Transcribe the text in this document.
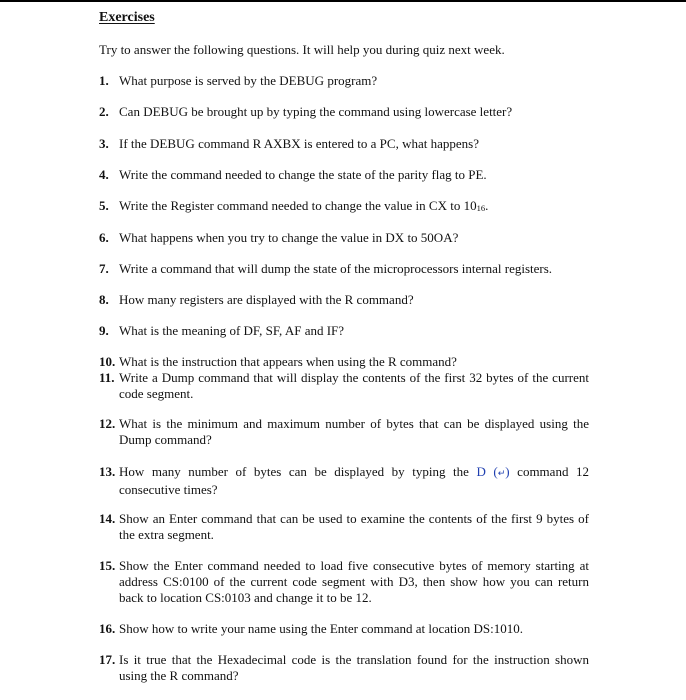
Exercises
Try to answer the following questions. It will help you during quiz next week.
1. What purpose is served by the DEBUG program?
2. Can DEBUG be brought up by typing the command using lowercase letter?
3. If the DEBUG command R AXBX is entered to a PC, what happens?
4. Write the command needed to change the state of the parity flag to PE.
5. Write the Register command needed to change the value in CX to 1016.
6. What happens when you try to change the value in DX to 50OA?
7. Write a command that will dump the state of the microprocessors internal registers.
8. How many registers are displayed with the R command?
9. What is the meaning of DF, SF, AF and IF?
10. What is the instruction that appears when using the R command?
11. Write a Dump command that will display the contents of the first 32 bytes of the current code segment.
12. What is the minimum and maximum number of bytes that can be displayed using the Dump command?
13. How many number of bytes can be displayed by typing the D (↵) command 12 consecutive times?
14. Show an Enter command that can be used to examine the contents of the first 9 bytes of the extra segment.
15. Show the Enter command needed to load five consecutive bytes of memory starting at address CS:0100 of the current code segment with D3, then show how you can return back to location CS:0103 and change it to be 12.
16. Show how to write your name using the Enter command at location DS:1010.
17. Is it true that the Hexadecimal code is the translation found for the instruction shown using the R command?
